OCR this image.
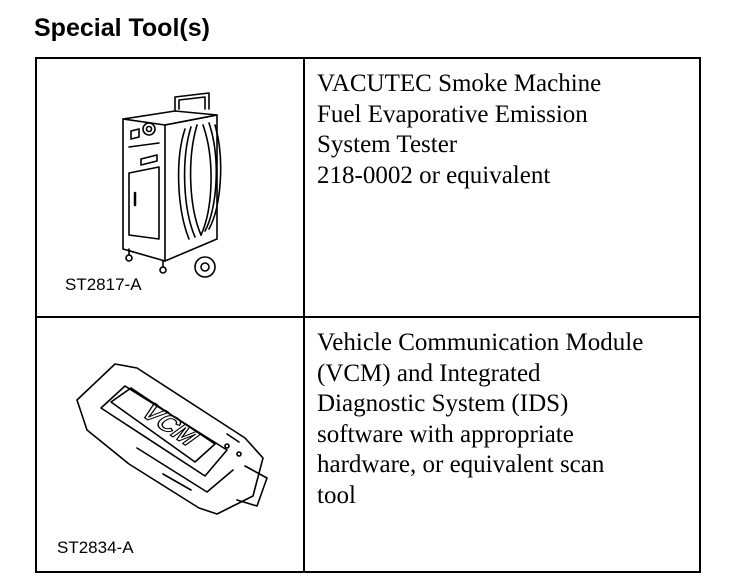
Special Tool(s)
ST2817-A
VACUTEC Smoke Machine
Fuel Evaporative Emission
System Tester
218-0002 or equivalent
VCM
ST2834-A
Vehicle Communication Module
(VCM) and Integrated
Diagnostic System (IDS)
software with appropriate
hardware, or equivalent scan
tool
